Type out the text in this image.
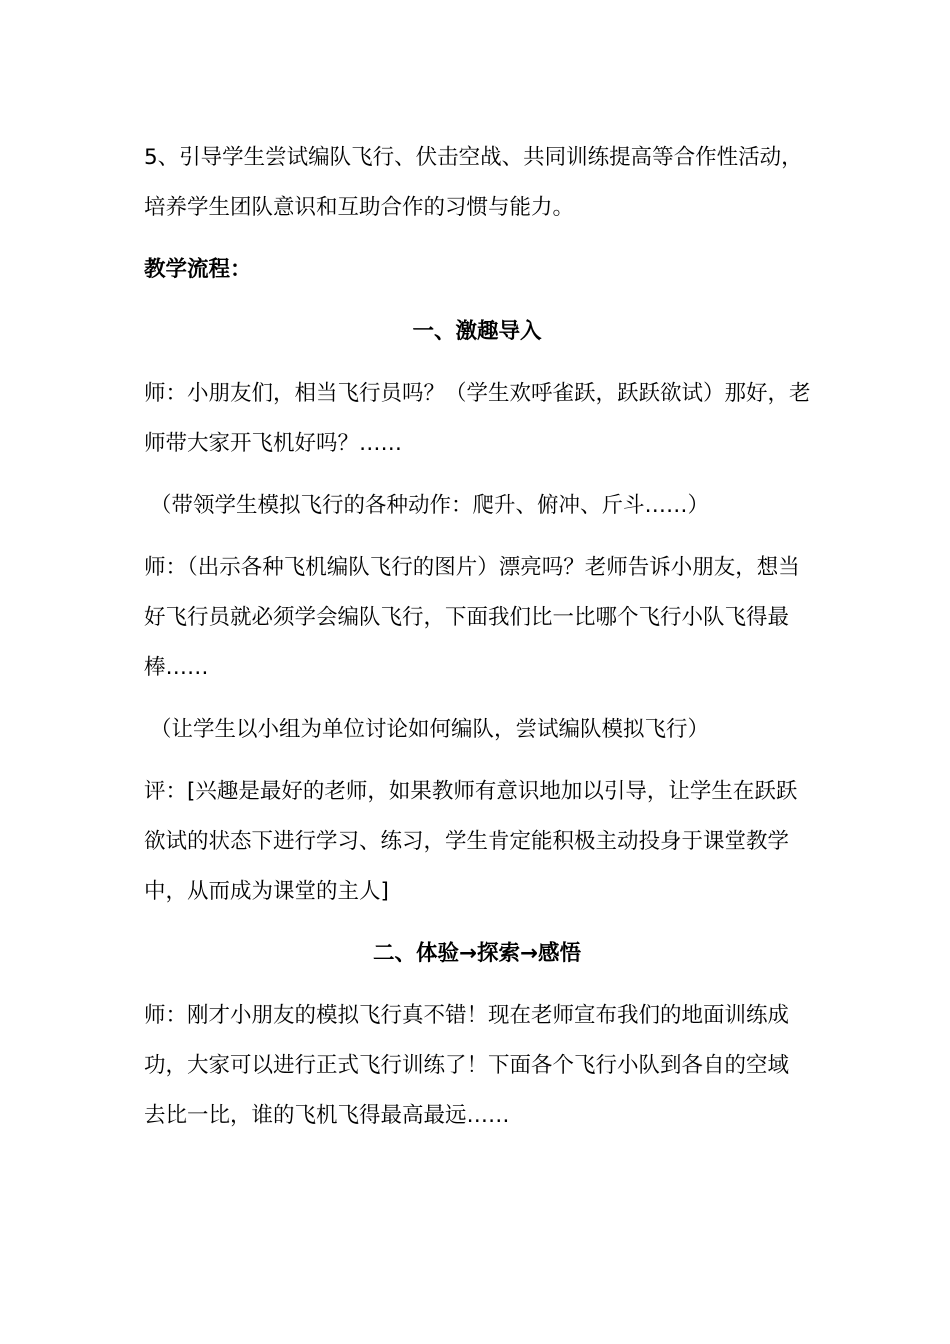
5、引导学生尝试编队飞行、伏击空战、共同训练提高等合作性活动，
培养学生团队意识和互助合作的习惯与能力。

教学流程：

一、激趣导入

师：小朋友们，相当飞行员吗？（学生欢呼雀跃，跃跃欲试）那好，老
师带大家开飞机好吗？……

（带领学生模拟飞行的各种动作：爬升、俯冲、斤斗……）

师：（出示各种飞机编队飞行的图片）漂亮吗？老师告诉小朋友，想当
好飞行员就必须学会编队飞行，下面我们比一比哪个飞行小队飞得最
棒……

（让学生以小组为单位讨论如何编队，尝试编队模拟飞行）

评：[兴趣是最好的老师，如果教师有意识地加以引导，让学生在跃跃
欲试的状态下进行学习、练习，学生肯定能积极主动投身于课堂教学
中，从而成为课堂的主人]

二、体验→探索→感悟

师：刚才小朋友的模拟飞行真不错！现在老师宣布我们的地面训练成
功，大家可以进行正式飞行训练了！下面各个飞行小队到各自的空域
去比一比，谁的飞机飞得最高最远……
